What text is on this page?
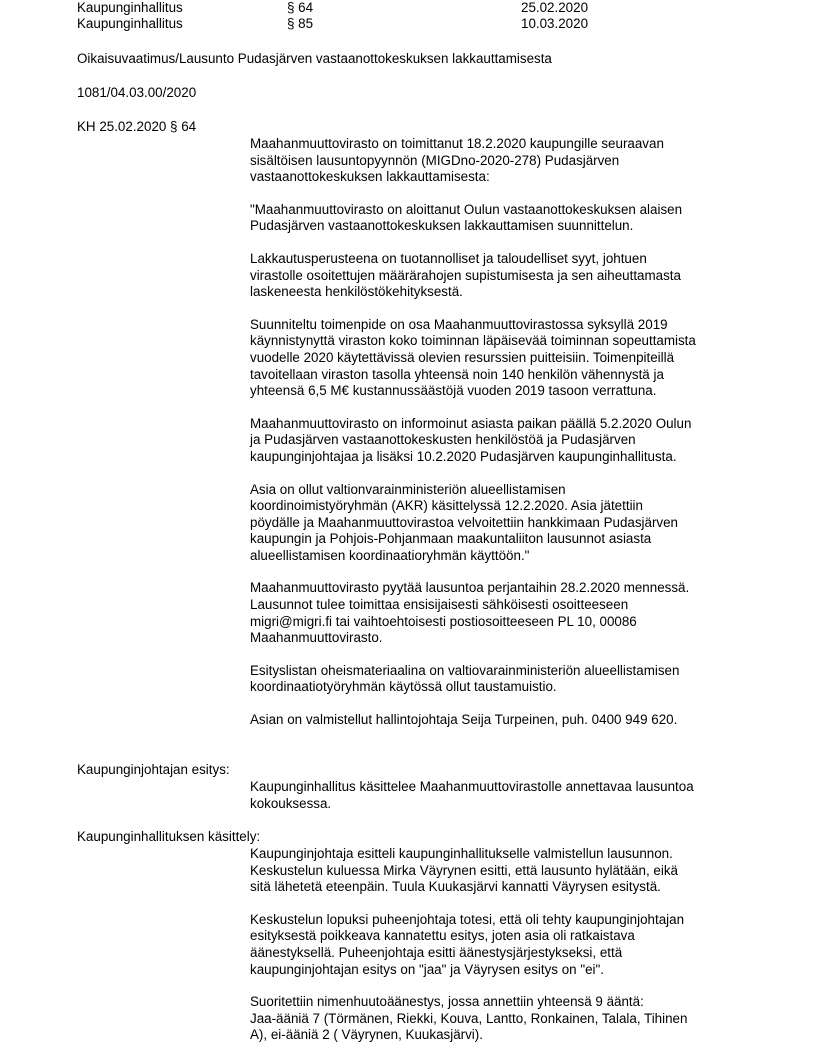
Kaupunginhallitus	§ 64	25.02.2020
Kaupunginhallitus	§ 85	10.03.2020
Oikaisuvaatimus/Lausunto Pudasjärven vastaanottokeskuksen lakkauttamisesta
1081/04.03.00/2020
KH 25.02.2020 § 64

Maahanmuuttovirasto on toimittanut 18.2.2020 kaupungille seuraavan
sisältöisen lausuntopyynnön (MIGDno-2020-278) Pudasjärven
vastaanottokeskuksen lakkauttamisesta:

"Maahanmuuttovirasto on aloittanut Oulun vastaanottokeskuksen alaisen
Pudasjärven vastaanottokeskuksen lakkauttamisen suunnittelun.

Lakkautusperusteena on tuotannolliset ja taloudelliset syyt, johtuen
virastolle osoitettujen määrärahojen supistumisesta ja sen aiheuttamasta
laskeneesta henkilöstökehityksestä.

Suunniteltu toimenpide on osa Maahanmuuttovirastossa syksyllä 2019
käynnistynyttä viraston koko toiminnan läpäisevää toiminnan sopeuttamista
vuodelle 2020 käytettävissä olevien resurssien puitteisiin. Toimenpiteillä
tavoitellaan viraston tasolla yhteensä noin 140 henkilön vähennystä ja
yhteensä 6,5 M€ kustannussäästöjä vuoden 2019 tasoon verrattuna.

Maahanmuuttovirasto on informoinut asiasta paikan päällä 5.2.2020 Oulun
ja Pudasjärven vastaanottokeskusten henkilöstöä ja Pudasjärven
kaupunginjohtajaa ja lisäksi 10.2.2020 Pudasjärven kaupunginhallitusta.

Asia on ollut valtionvarainministeriön alueellistamisen
koordinoimistyöryhmän (AKR) käsittelyssä 12.2.2020. Asia jätettiin
pöydälle ja Maahanmuuttovirastoa velvoitettiin hankkimaan Pudasjärven
kaupungin ja Pohjois-Pohjanmaan maakuntaliiton lausunnot asiasta
alueellistamisen koordinaatioryhmän käyttöön."

Maahanmuuttovirasto pyytää lausuntoa perjantaihin 28.2.2020 mennessä.
Lausunnot tulee toimittaa ensisijaisesti sähköisesti osoitteeseen
migri@migri.fi tai vaihtoehtoisesti postiosoitteeseen PL 10, 00086
Maahanmuuttovirasto.

Esityslistan oheismateriaalina on valtiovarainministeriön alueellistamisen
koordinaatiotyöryhmän käytössä ollut taustamuistio.

Asian on valmistellut hallintojohtaja Seija Turpeinen, puh. 0400 949 620.

Kaupunginjohtajan esitys:

Kaupunginhallitus käsittelee Maahanmuuttovirastolle annettavaa lausuntoa
kokouksessa.

Kaupunginhallituksen käsittely:

Kaupunginjohtaja esitteli kaupunginhallitukselle valmistellun lausunnon.
Keskustelun kuluessa Mirka Väyrynen esitti, että lausunto hylätään, eikä
sitä lähetetä eteenpäin. Tuula Kuukasjärvi kannatti Väyrysen esitystä.

Keskustelun lopuksi puheenjohtaja totesi, että oli tehty kaupunginjohtajan
esityksestä poikkeava kannatettu esitys, joten asia oli ratkaistava
äänestyksellä. Puheenjohtaja esitti äänestysjärjestykseksi, että
kaupunginjohtajan esitys on "jaa" ja Väyrysen esitys on "ei".

Suoritettiin nimenhuutoäänestys, jossa annettiin yhteensä 9 ääntä:
Jaa-ääniä 7 (Törmänen, Riekki, Kouva, Lantto, Ronkainen, Talala, Tihinen
A), ei-ääniä 2 ( Väyrynen, Kuukasjärvi).
